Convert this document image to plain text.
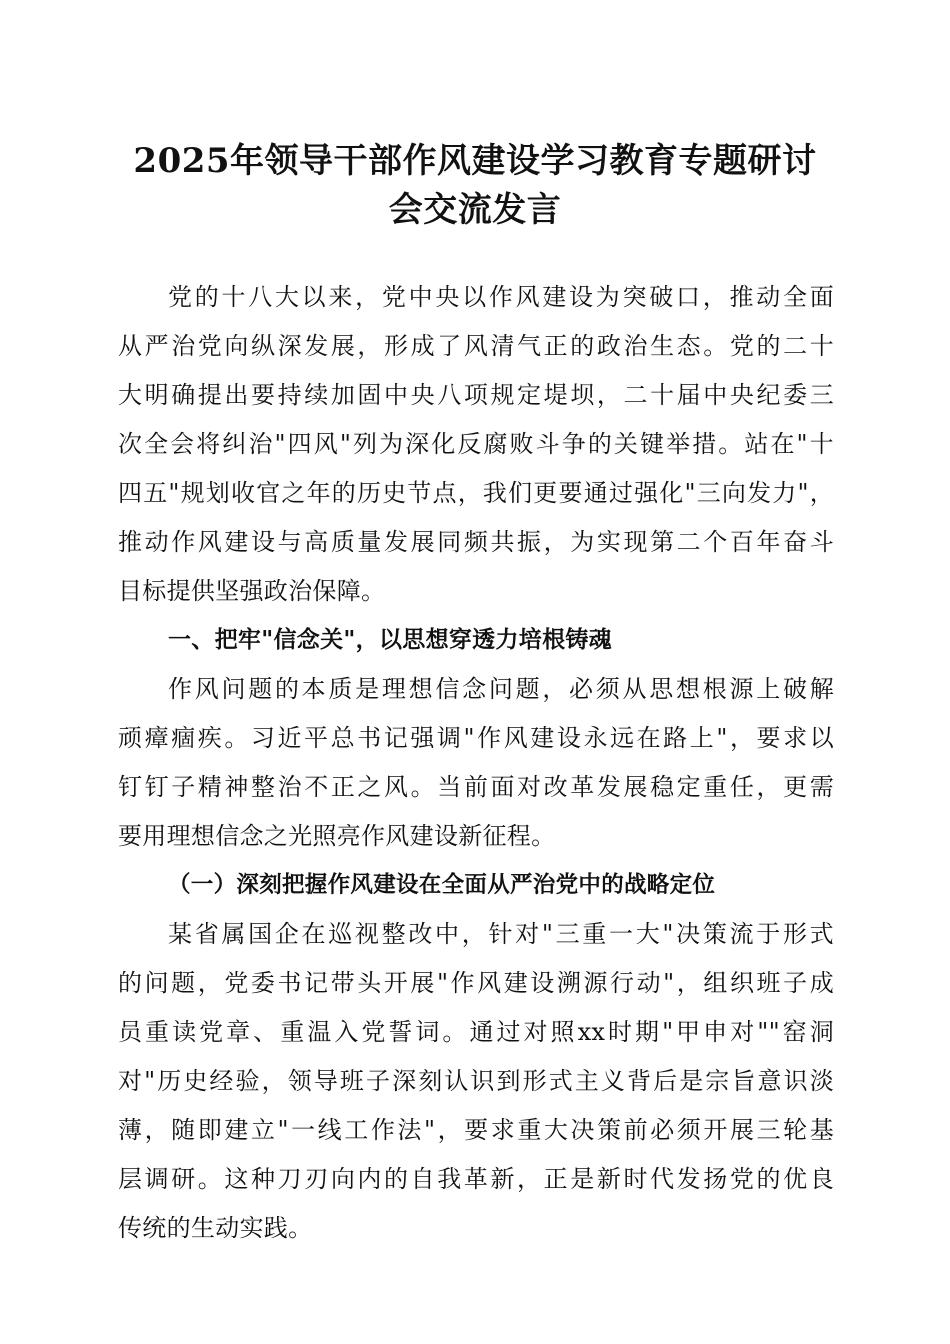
2025年领导干部作风建设学习教育专题研讨
会交流发言
党的十八大以来，党中央以作风建设为突破口，推动全面
从严治党向纵深发展，形成了风清气正的政治生态。党的二十
大明确提出要持续加固中央八项规定堤坝，二十届中央纪委三
次全会将纠治"四风"列为深化反腐败斗争的关键举措。站在"十
四五"规划收官之年的历史节点，我们更要通过强化"三向发力"，
推动作风建设与高质量发展同频共振，为实现第二个百年奋斗
目标提供坚强政治保障。
一、把牢"信念关"，以思想穿透力培根铸魂
作风问题的本质是理想信念问题，必须从思想根源上破解
顽瘴痼疾。习近平总书记强调"作风建设永远在路上"，要求以
钉钉子精神整治不正之风。当前面对改革发展稳定重任，更需
要用理想信念之光照亮作风建设新征程。
（一）深刻把握作风建设在全面从严治党中的战略定位
某省属国企在巡视整改中，针对"三重一大"决策流于形式
的问题，党委书记带头开展"作风建设溯源行动"，组织班子成
员重读党章、重温入党誓词。通过对照xx时期"甲申对""窑洞
对"历史经验，领导班子深刻认识到形式主义背后是宗旨意识淡
薄，随即建立"一线工作法"，要求重大决策前必须开展三轮基
层调研。这种刀刃向内的自我革新，正是新时代发扬党的优良
传统的生动实践。
